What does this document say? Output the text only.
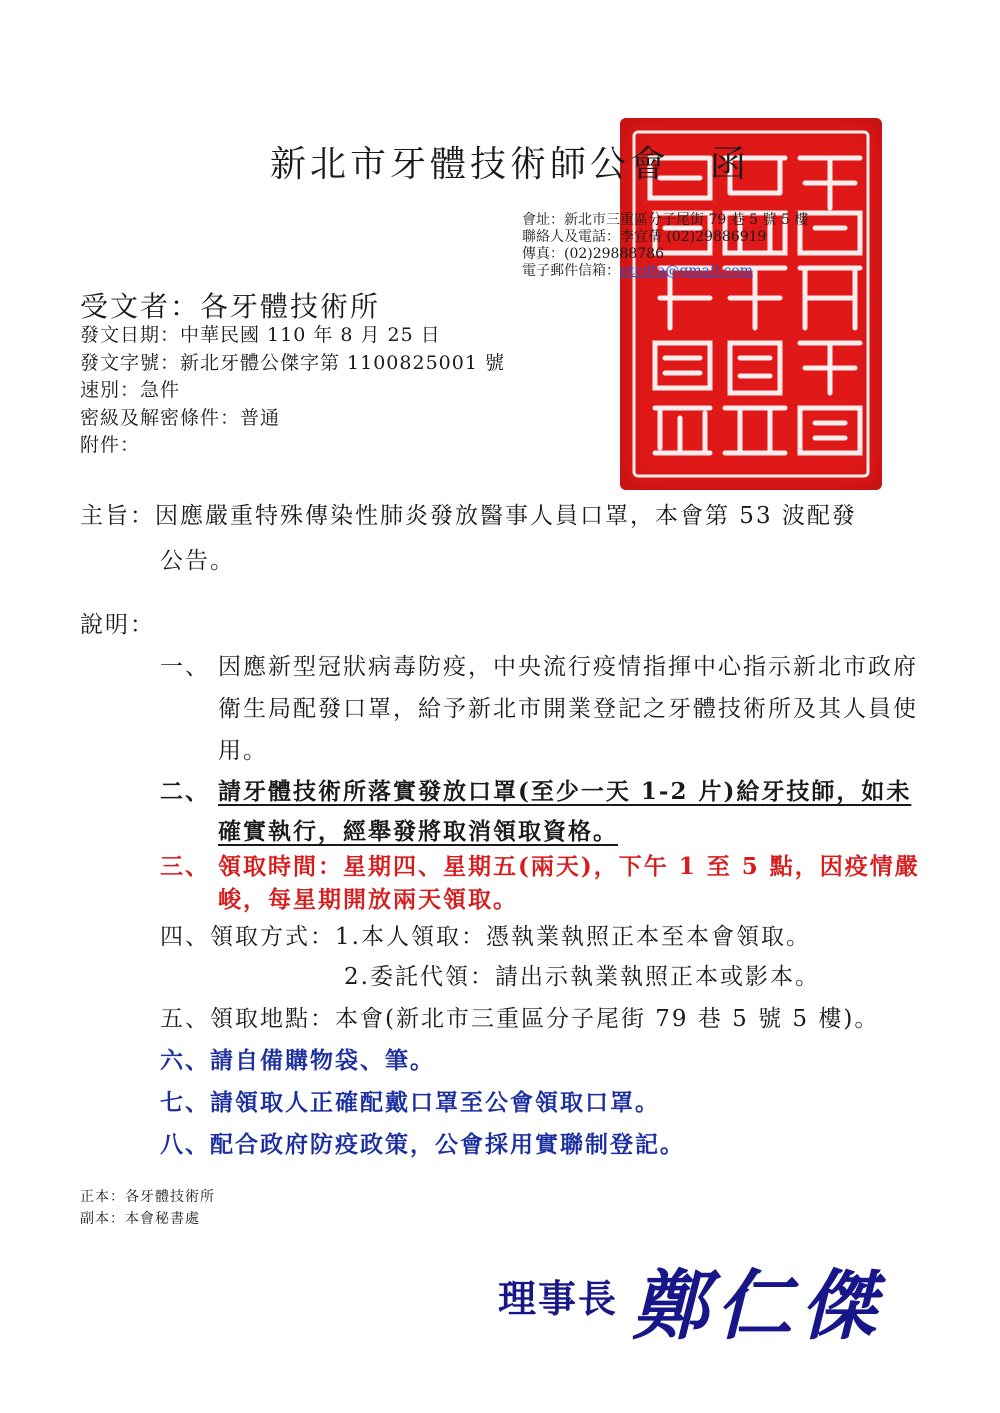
新北市牙體技術師公會　函
會址：新北市三重區分子尾街 79 巷 5 號 5 樓
聯絡人及電話：李宜蒨 (02)29886919
傳真：(02)29888786
電子郵件信箱：ntcdta@gmail.com
受文者：各牙體技術所
發文日期：中華民國 110 年 8 月 25 日
發文字號：新北牙體公傑字第 1100825001 號
速別：急件
密級及解密條件：普通
附件：
主旨：因應嚴重特殊傳染性肺炎發放醫事人員口罩，本會第 53 波配發
公告。
說明：
一、 因應新型冠狀病毒防疫，中央流行疫情指揮中心指示新北市政府衛生局配發口罩，給予新北市開業登記之牙體技術所及其人員使用。
二、 請牙體技術所落實發放口罩(至少一天 1-2 片)給牙技師，如未確實執行，經舉發將取消領取資格。
三、 領取時間：星期四、星期五(兩天)，下午 1 至 5 點，因疫情嚴峻，每星期開放兩天領取。
四、領取方式：1.本人領取：憑執業執照正本至本會領取。
2.委託代領：請出示執業執照正本或影本。
五、領取地點：本會(新北市三重區分子尾街 79 巷 5 號 5 樓)。
六、請自備購物袋、筆。
七、請領取人正確配戴口罩至公會領取口罩。
八、配合政府防疫政策，公會採用實聯制登記。
正本：各牙體技術所
副本：本會秘書處
理事長 鄭仁傑
